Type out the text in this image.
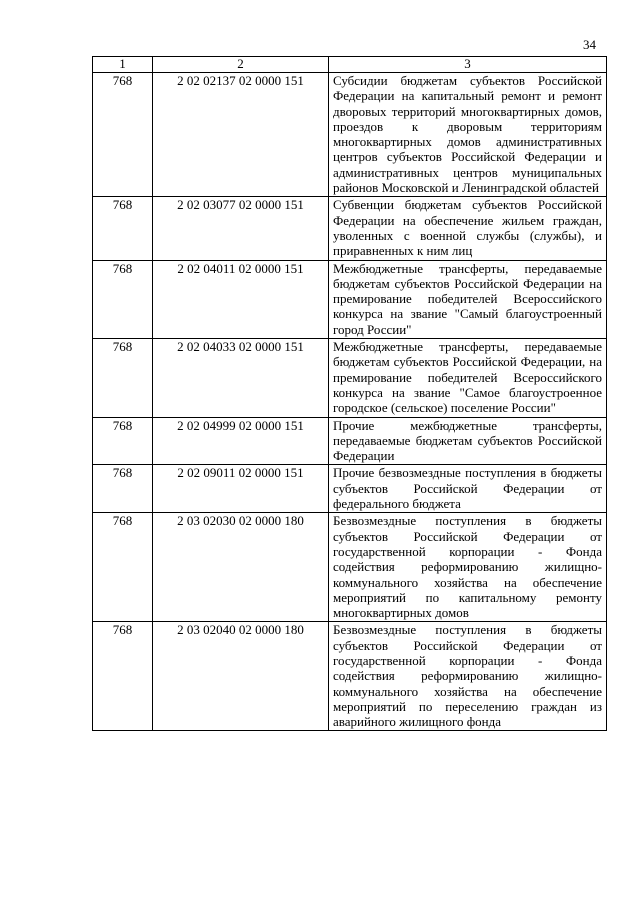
34
1	2	3
768	2 02 02137 02 0000 151	Субсидии бюджетам субъектов Российской Федерации на капитальный ремонт и ремонт дворовых территорий многоквартирных домов, проездов к дворовым территориям многоквартирных домов административных центров субъектов Российской Федерации и административных центров муниципальных районов Московской и Ленинградской областей
768	2 02 03077 02 0000 151	Субвенции бюджетам субъектов Российской Федерации на обеспечение жильем граждан, уволенных с военной службы (службы), и приравненных к ним лиц
768	2 02 04011 02 0000 151	Межбюджетные трансферты, передаваемые бюджетам субъектов Российской Федерации на премирование победителей Всероссийского конкурса на звание "Самый благоустроенный город России"
768	2 02 04033 02 0000 151	Межбюджетные трансферты, передаваемые бюджетам субъектов Российской Федерации, на премирование победителей Всероссийского конкурса на звание "Самое благоустроенное городское (сельское) поселение России"
768	2 02 04999 02 0000 151	Прочие межбюджетные трансферты, передаваемые бюджетам субъектов Российской Федерации
768	2 02 09011 02 0000 151	Прочие безвозмездные поступления в бюджеты субъектов Российской Федерации от федерального бюджета
768	2 03 02030 02 0000 180	Безвозмездные поступления в бюджеты субъектов Российской Федерации от государственной корпорации - Фонда содействия реформированию жилищно-коммунального хозяйства на обеспечение мероприятий по капитальному ремонту многоквартирных домов
768	2 03 02040 02 0000 180	Безвозмездные поступления в бюджеты субъектов Российской Федерации от государственной корпорации - Фонда содействия реформированию жилищно-коммунального хозяйства на обеспечение мероприятий по переселению граждан из аварийного жилищного фонда
